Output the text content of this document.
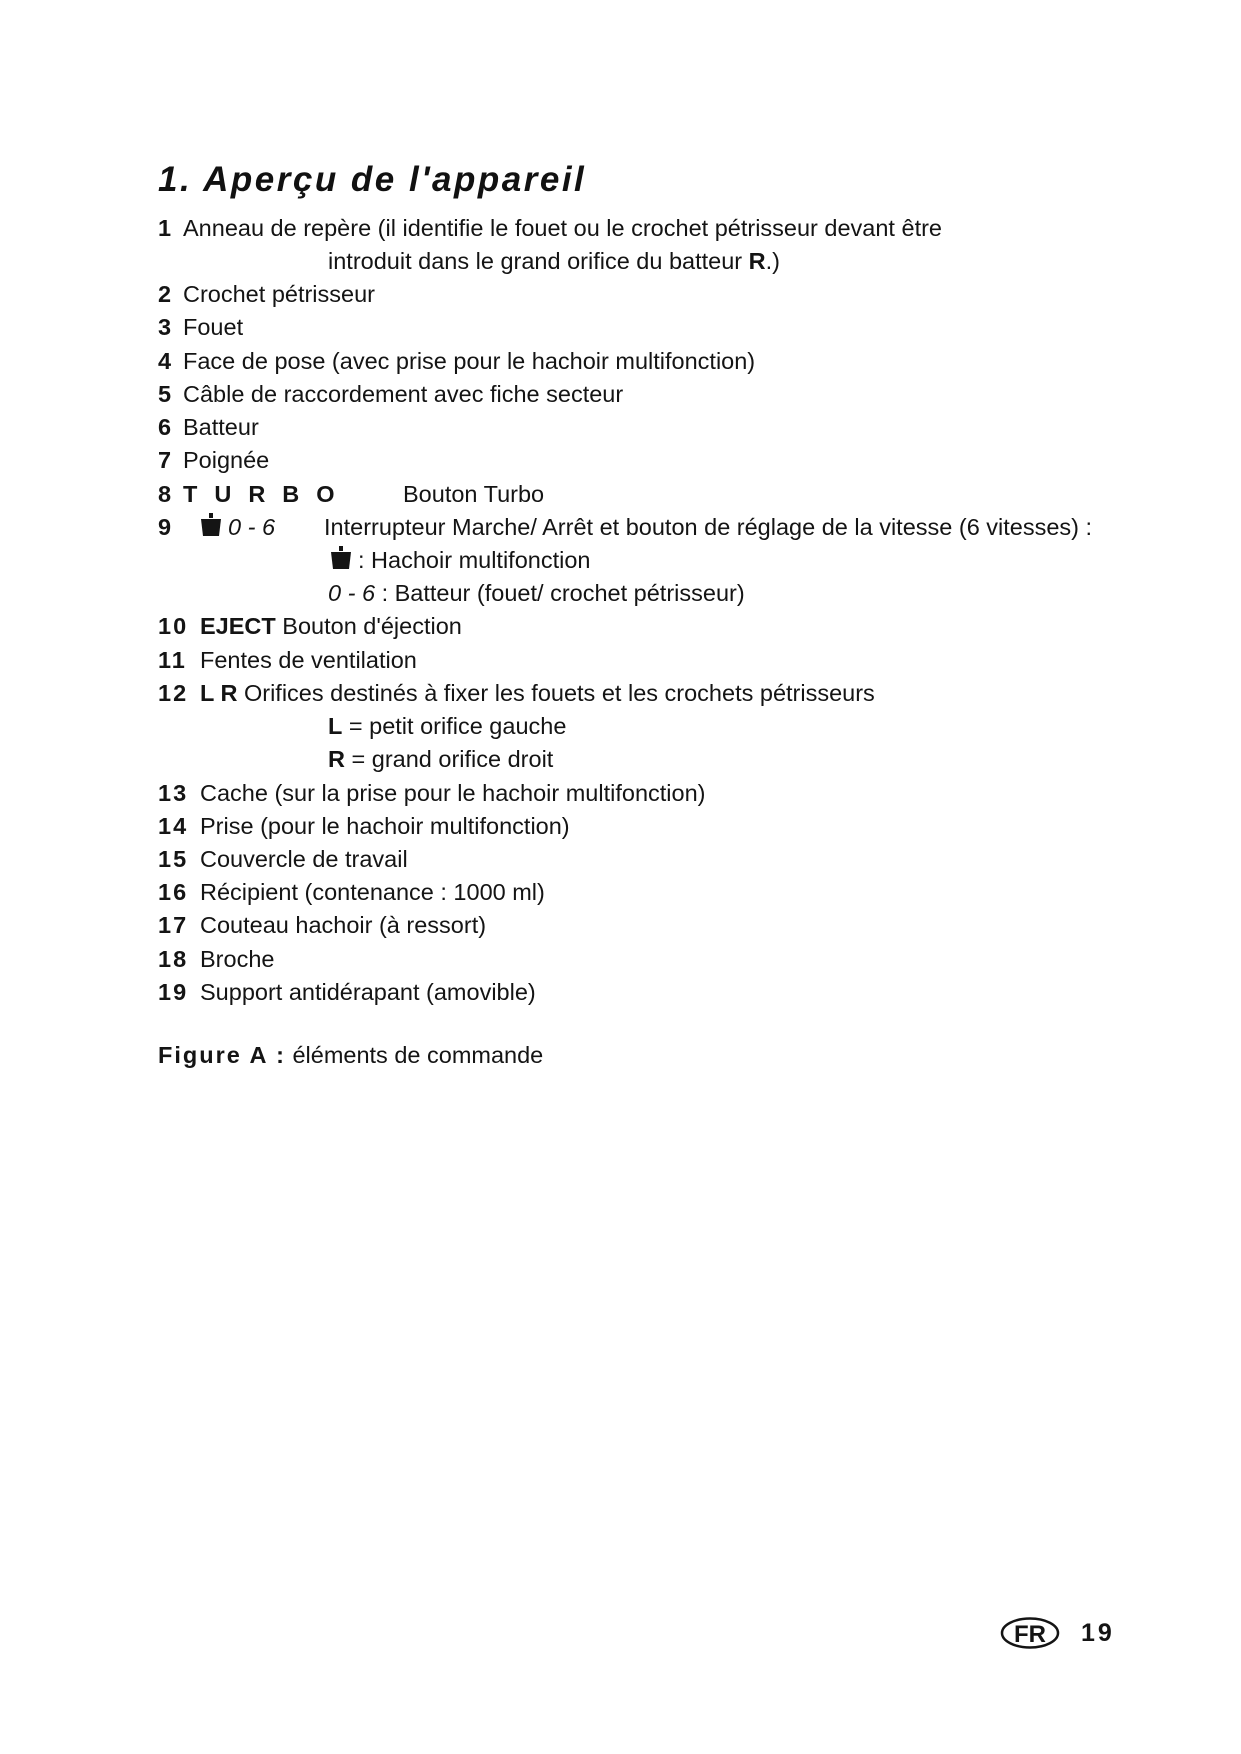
1. Aperçu de l'appareil
1 Anneau de repère (il identifie le fouet ou le crochet pétrisseur devant être
introduit dans le grand orifice du batteur R.)
2 Crochet pétrisseur
3 Fouet
4 Face de pose (avec prise pour le hachoir multifonction)
5 Câble de raccordement avec fiche secteur
6 Batteur
7 Poignée
8 TURBO Bouton Turbo
9 0 - 6 Interrupteur Marche/ Arrêt et bouton de réglage de la vitesse (6 vitesses) :
: Hachoir multifonction
0 - 6 : Batteur (fouet/ crochet pétrisseur)
10 EJECT Bouton d'éjection
11 Fentes de ventilation
12 L R Orifices destinés à fixer les fouets et les crochets pétrisseurs
L = petit orifice gauche
R = grand orifice droit
13 Cache (sur la prise pour le hachoir multifonction)
14 Prise (pour le hachoir multifonction)
15 Couvercle de travail
16 Récipient (contenance : 1000 ml)
17 Couteau hachoir (à ressort)
18 Broche
19 Support antidérapant (amovible)
Figure A : éléments de commande
FR 19
